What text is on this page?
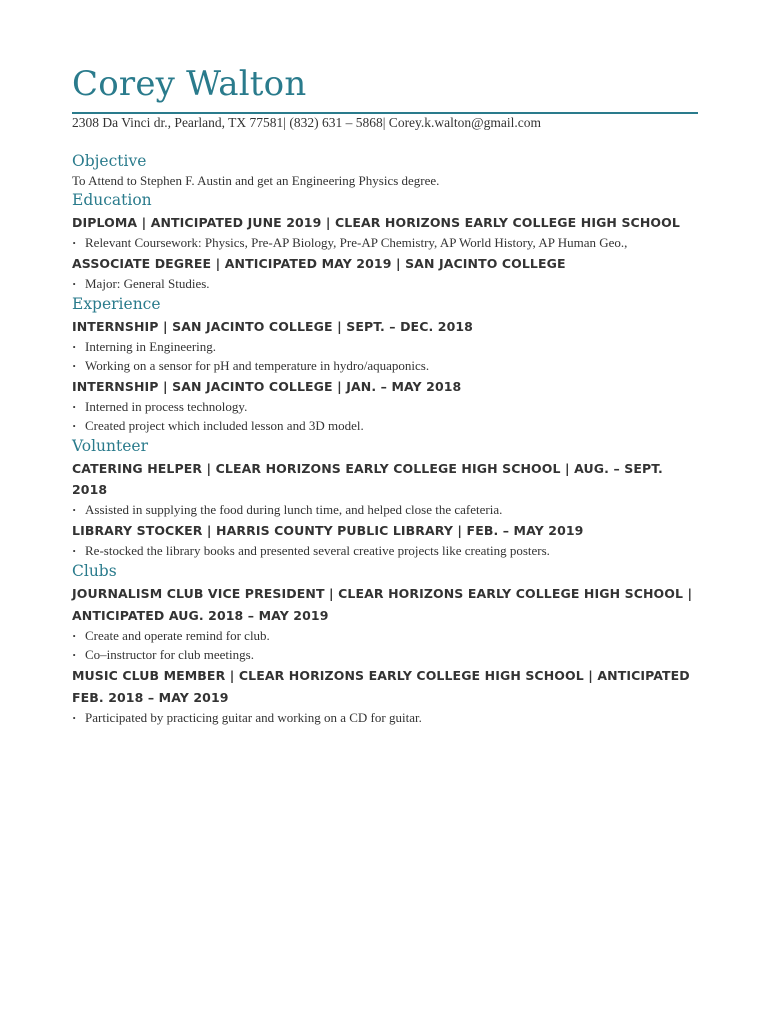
Corey Walton
2308 Da Vinci dr., Pearland, TX 77581| (832) 631 – 5868| Corey.k.walton@gmail.com
Objective
To Attend to Stephen F. Austin and get an Engineering Physics degree.
Education
DIPLOMA | ANTICIPATED JUNE 2019 | CLEAR HORIZONS EARLY COLLEGE HIGH SCHOOL
· Relevant Coursework: Physics, Pre-AP Biology, Pre-AP Chemistry, AP World History, AP Human Geo.,
ASSOCIATE DEGREE | ANTICIPATED MAY 2019 | SAN JACINTO COLLEGE
· Major: General Studies.
Experience
INTERNSHIP | SAN JACINTO COLLEGE | SEPT. – DEC. 2018
· Interning in Engineering.
· Working on a sensor for pH and temperature in hydro/aquaponics.
INTERNSHIP | SAN JACINTO COLLEGE | JAN. – MAY 2018
· Interned in process technology.
· Created project which included lesson and 3D model.
Volunteer
CATERING HELPER | CLEAR HORIZONS EARLY COLLEGE HIGH SCHOOL | AUG. – SEPT. 2018
· Assisted in supplying the food during lunch time, and helped close the cafeteria.
LIBRARY STOCKER | HARRIS COUNTY PUBLIC LIBRARY | FEB. – MAY 2019
· Re-stocked the library books and presented several creative projects like creating posters.
Clubs
JOURNALISM CLUB VICE PRESIDENT | CLEAR HORIZONS EARLY COLLEGE HIGH SCHOOL |
ANTICIPATED AUG. 2018 – MAY 2019
· Create and operate remind for club.
· Co–instructor for club meetings.
MUSIC CLUB MEMBER | CLEAR HORIZONS EARLY COLLEGE HIGH SCHOOL | ANTICIPATED
FEB. 2018 – MAY 2019
· Participated by practicing guitar and working on a CD for guitar.
